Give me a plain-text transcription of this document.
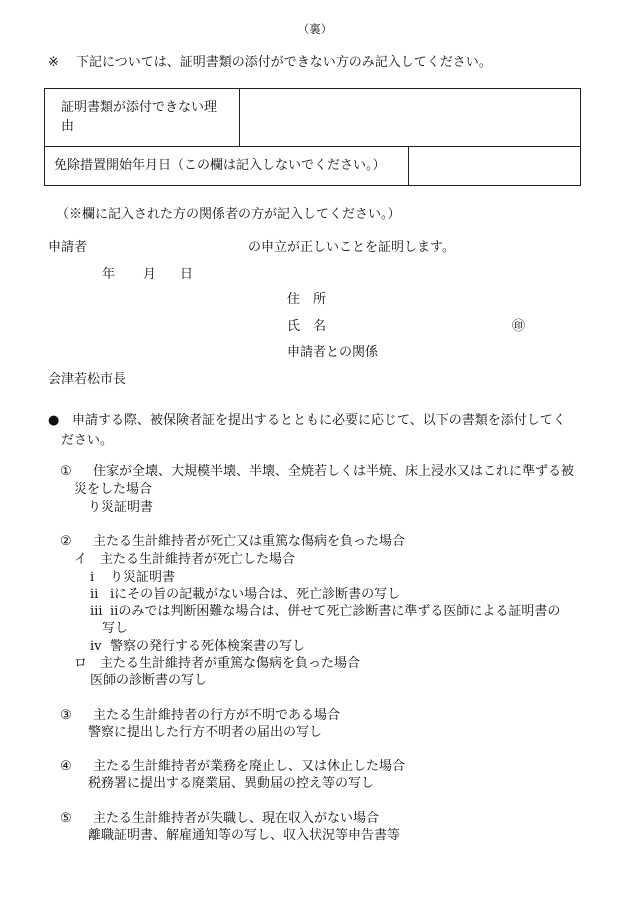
（裏）
※ 下記については、証明書類の添付ができない方のみ記入してください。
証明書類が添付できない理由

免除措置開始年月日（この欄は記入しないでください。）	
（※欄に記入された方の関係者の方が記入してください。）
申請者	の申立が正しいことを証明します。
年 月 日
住　所
氏　名	㊞
申請者との関係
会津若松市長
● 申請する際、被保険者証を提出するとともに必要に応じて、以下の書類を添付してく
ださい。
①　 住家が全壊、大規模半壊、半壊、全焼若しくは半焼、床上浸水又はこれに準ずる被
災をした場合
り災証明書
②　 主たる生計維持者が死亡又は重篤な傷病を負った場合
イ　主たる生計維持者が死亡した場合
ⅰ り災証明書
ⅱ ⅰにその旨の記載がない場合は、死亡診断書の写し
ⅲ ⅱのみでは判断困難な場合は、併せて死亡診断書に準ずる医師による証明書の
写し
ⅳ 警察の発行する死体検案書の写し
ロ　主たる生計維持者が重篤な傷病を負った場合
医師の診断書の写し
③　 主たる生計維持者の行方が不明である場合
警察に提出した行方不明者の届出の写し
④　 主たる生計維持者が業務を廃止し、又は休止した場合
税務署に提出する廃業届、異動届の控え等の写し
⑤　 主たる生計維持者が失職し、現在収入がない場合
離職証明書、解雇通知等の写し、収入状況等申告書等
